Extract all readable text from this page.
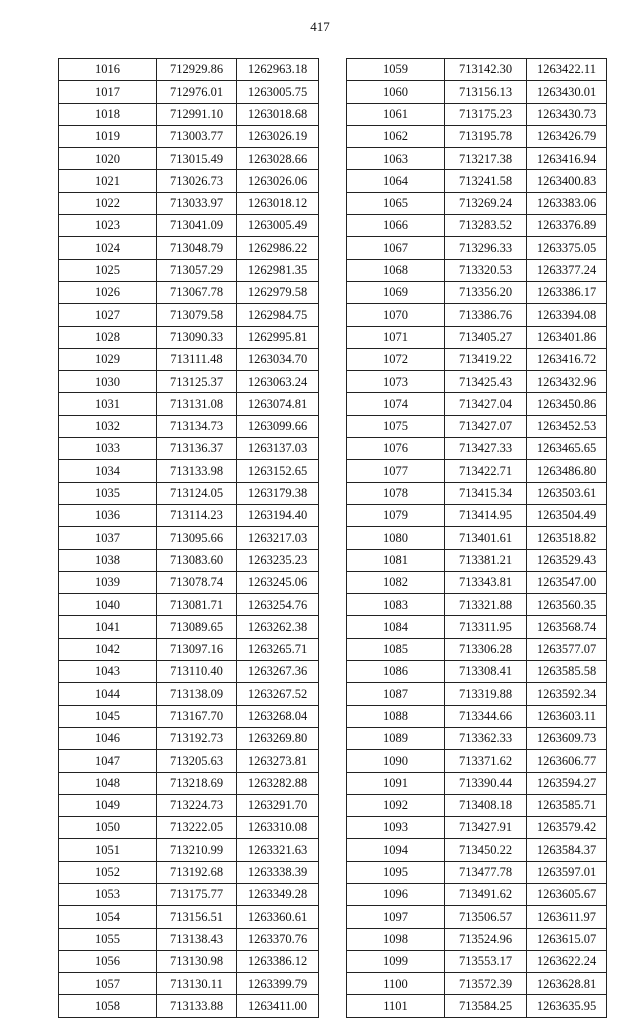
417
1016	712929.86	1262963.18
1017	712976.01	1263005.75
1018	712991.10	1263018.68
1019	713003.77	1263026.19
1020	713015.49	1263028.66
1021	713026.73	1263026.06
1022	713033.97	1263018.12
1023	713041.09	1263005.49
1024	713048.79	1262986.22
1025	713057.29	1262981.35
1026	713067.78	1262979.58
1027	713079.58	1262984.75
1028	713090.33	1262995.81
1029	713111.48	1263034.70
1030	713125.37	1263063.24
1031	713131.08	1263074.81
1032	713134.73	1263099.66
1033	713136.37	1263137.03
1034	713133.98	1263152.65
1035	713124.05	1263179.38
1036	713114.23	1263194.40
1037	713095.66	1263217.03
1038	713083.60	1263235.23
1039	713078.74	1263245.06
1040	713081.71	1263254.76
1041	713089.65	1263262.38
1042	713097.16	1263265.71
1043	713110.40	1263267.36
1044	713138.09	1263267.52
1045	713167.70	1263268.04
1046	713192.73	1263269.80
1047	713205.63	1263273.81
1048	713218.69	1263282.88
1049	713224.73	1263291.70
1050	713222.05	1263310.08
1051	713210.99	1263321.63
1052	713192.68	1263338.39
1053	713175.77	1263349.28
1054	713156.51	1263360.61
1055	713138.43	1263370.76
1056	713130.98	1263386.12
1057	713130.11	1263399.79
1058	713133.88	1263411.00
1059	713142.30	1263422.11
1060	713156.13	1263430.01
1061	713175.23	1263430.73
1062	713195.78	1263426.79
1063	713217.38	1263416.94
1064	713241.58	1263400.83
1065	713269.24	1263383.06
1066	713283.52	1263376.89
1067	713296.33	1263375.05
1068	713320.53	1263377.24
1069	713356.20	1263386.17
1070	713386.76	1263394.08
1071	713405.27	1263401.86
1072	713419.22	1263416.72
1073	713425.43	1263432.96
1074	713427.04	1263450.86
1075	713427.07	1263452.53
1076	713427.33	1263465.65
1077	713422.71	1263486.80
1078	713415.34	1263503.61
1079	713414.95	1263504.49
1080	713401.61	1263518.82
1081	713381.21	1263529.43
1082	713343.81	1263547.00
1083	713321.88	1263560.35
1084	713311.95	1263568.74
1085	713306.28	1263577.07
1086	713308.41	1263585.58
1087	713319.88	1263592.34
1088	713344.66	1263603.11
1089	713362.33	1263609.73
1090	713371.62	1263606.77
1091	713390.44	1263594.27
1092	713408.18	1263585.71
1093	713427.91	1263579.42
1094	713450.22	1263584.37
1095	713477.78	1263597.01
1096	713491.62	1263605.67
1097	713506.57	1263611.97
1098	713524.96	1263615.07
1099	713553.17	1263622.24
1100	713572.39	1263628.81
1101	713584.25	1263635.95
